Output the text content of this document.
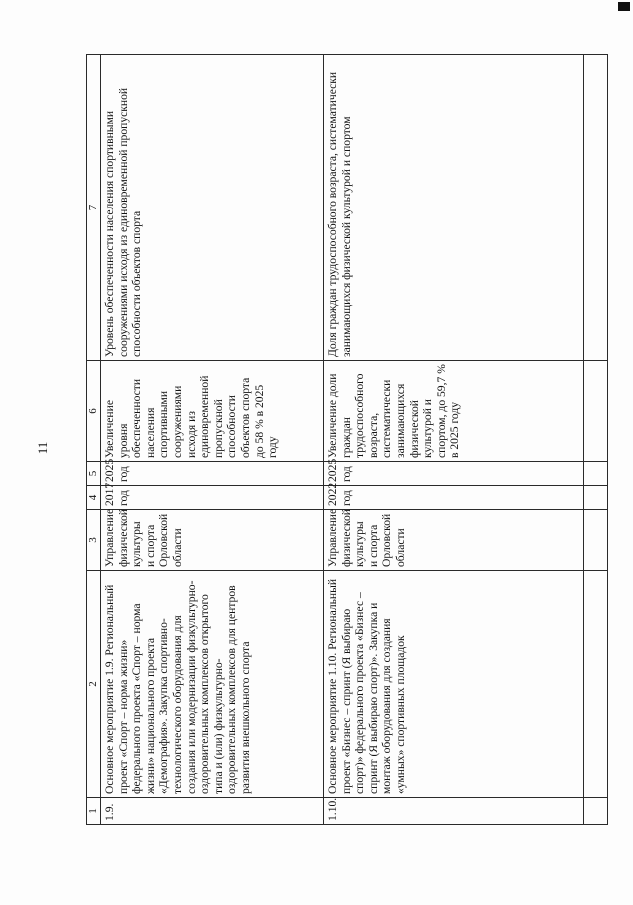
11
1	2	3	4	5	6	7
1.9.	Основное мероприятие 1.9. Региональный проект «Спорт – норма жизни» федерального проекта «Спорт – норма жизни» национального проекта «Демография». Закупка спортивно-технологического оборудования для создания или модернизации физкультурно-оздоровительных комплексов открытого типа и (или) физкультурно-оздоровительных комплексов для центров развития внешкольного спорта	Управление физической культуры и спорта Орловской области	2017 год	2025 год	Увеличение уровня обеспеченности населения спортивными сооружениями исходя из единовременной пропускной способности объектов спорта до 58 % в 2025 году	Уровень обеспеченности населения спортивными сооружениями исходя из единовременной пропускной способности объектов спорта
1.10.	Основное мероприятие 1.10. Региональный проект «Бизнес – спринт (Я выбираю спорт)» федерального проекта «Бизнес – спринт (Я выбираю спорт)». Закупка и монтаж оборудования для создания «умных» спортивных площадок	Управление физической культуры и спорта Орловской области	2022 год	2025 год	Увеличение доли граждан трудоспособного возраста, систематически занимающихся физической культурой и спортом, до 59,7 % в 2025 году	Доля граждан трудоспособного возраста, систематически занимающихся физической культурой и спортом
